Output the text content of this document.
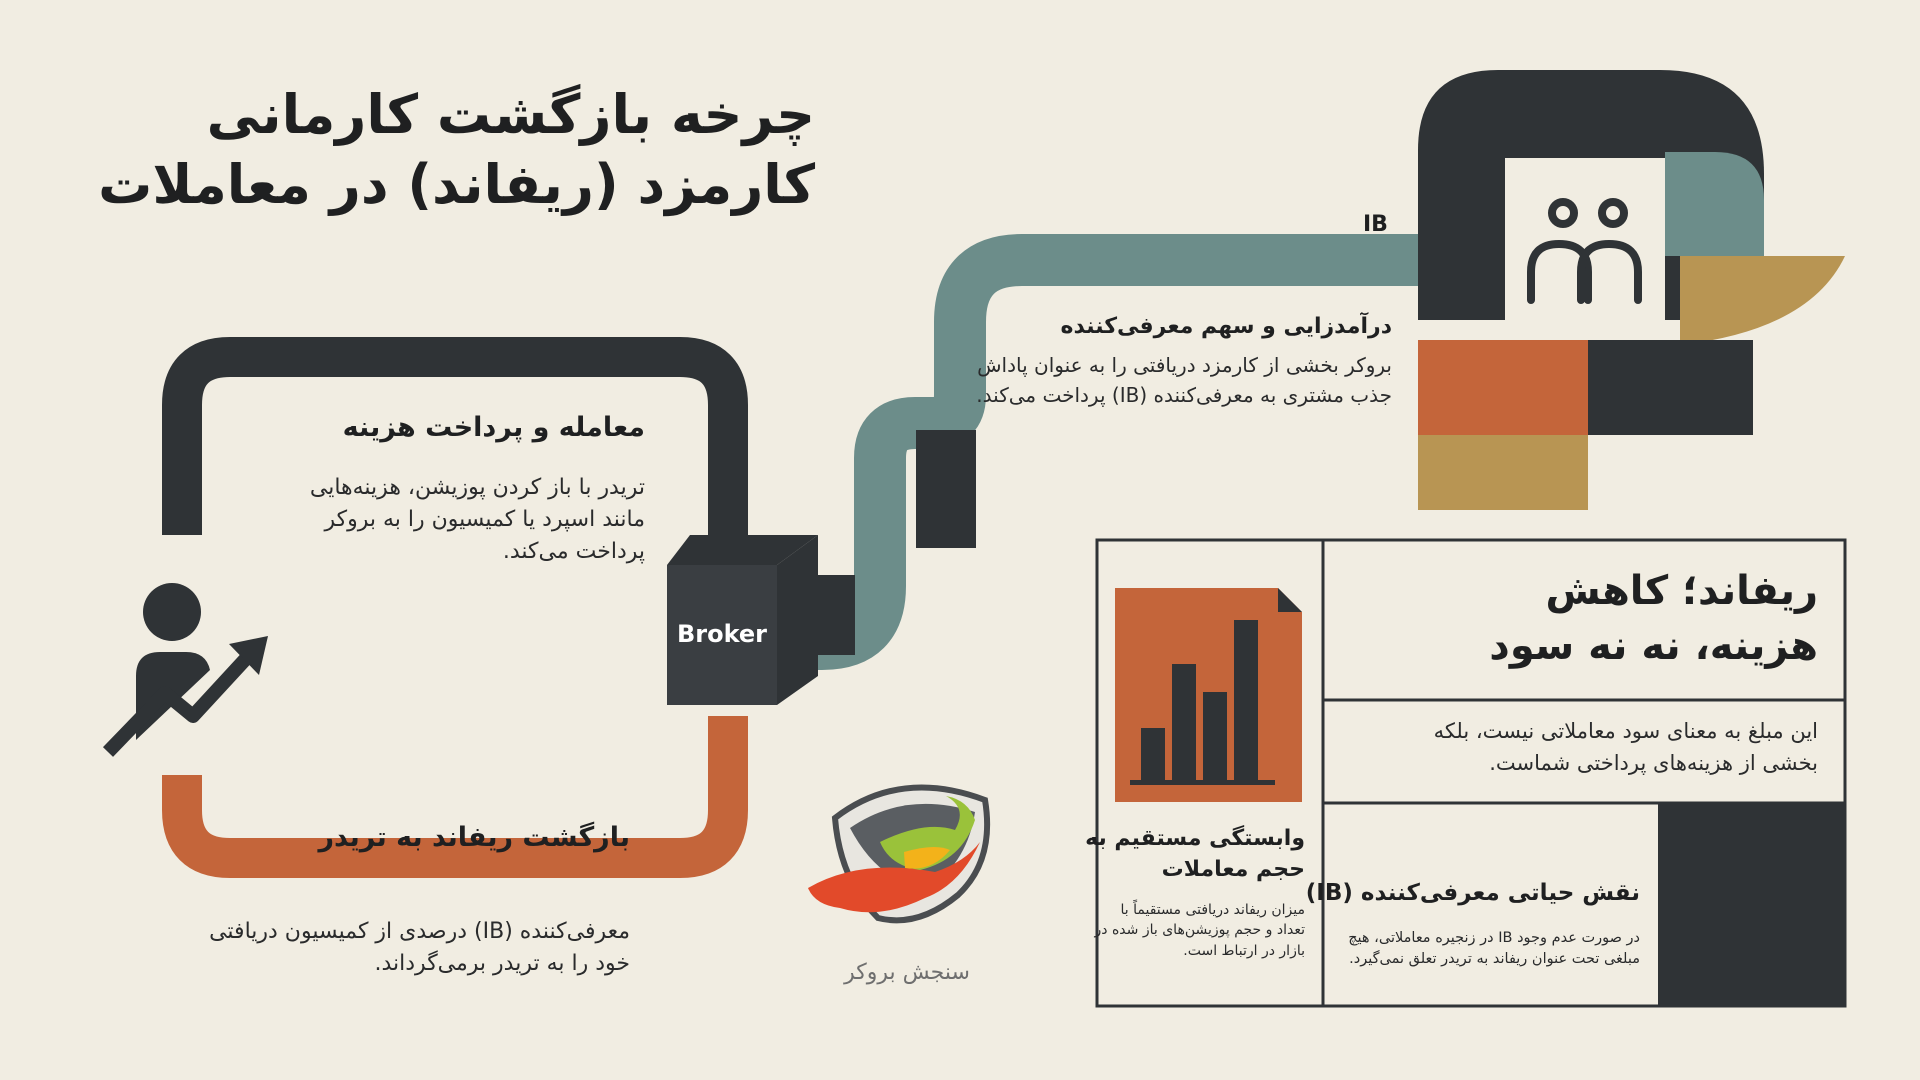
چرخه بازگشت کارمانی
کارمزد (ریفاند) در معاملات
معامله و پرداخت هزینه
تریدر با باز کردن پوزیشن، هزینه‌هایی مانند اسپرد یا کمیسیون را به بروکر پرداخت می‌کند.
بازگشت ریفاند به تریدر
معرفی‌کننده (IB) درصدی از کمیسیون دریافتی خود را به تریدر برمی‌گرداند.
IB
درآمدزایی و سهم معرفی‌کننده
بروکر بخشی از کارمزد دریافتی را به عنوان پاداش جذب مشتری به معرفی‌کننده (IB) پرداخت می‌کند.
Broker
ریفاند؛ کاهش هزینه، نه نه سود
این مبلغ به معنای سود معاملاتی نیست، بلکه بخشی از هزینه‌های پرداختی شماست.
وابستگی مستقیم به حجم معاملات
میزان ریفاند دریافتی مستقیماً با تعداد و حجم پوزیشن‌های باز شده در بازار در ارتباط است.
نقش حیاتی معرفی‌کننده (IB)
در صورت عدم وجود IB در زنجیره معاملاتی، هیچ مبلغی تحت عنوان ریفاند به تریدر تعلق نمی‌گیرد.
سنجش بروکر
